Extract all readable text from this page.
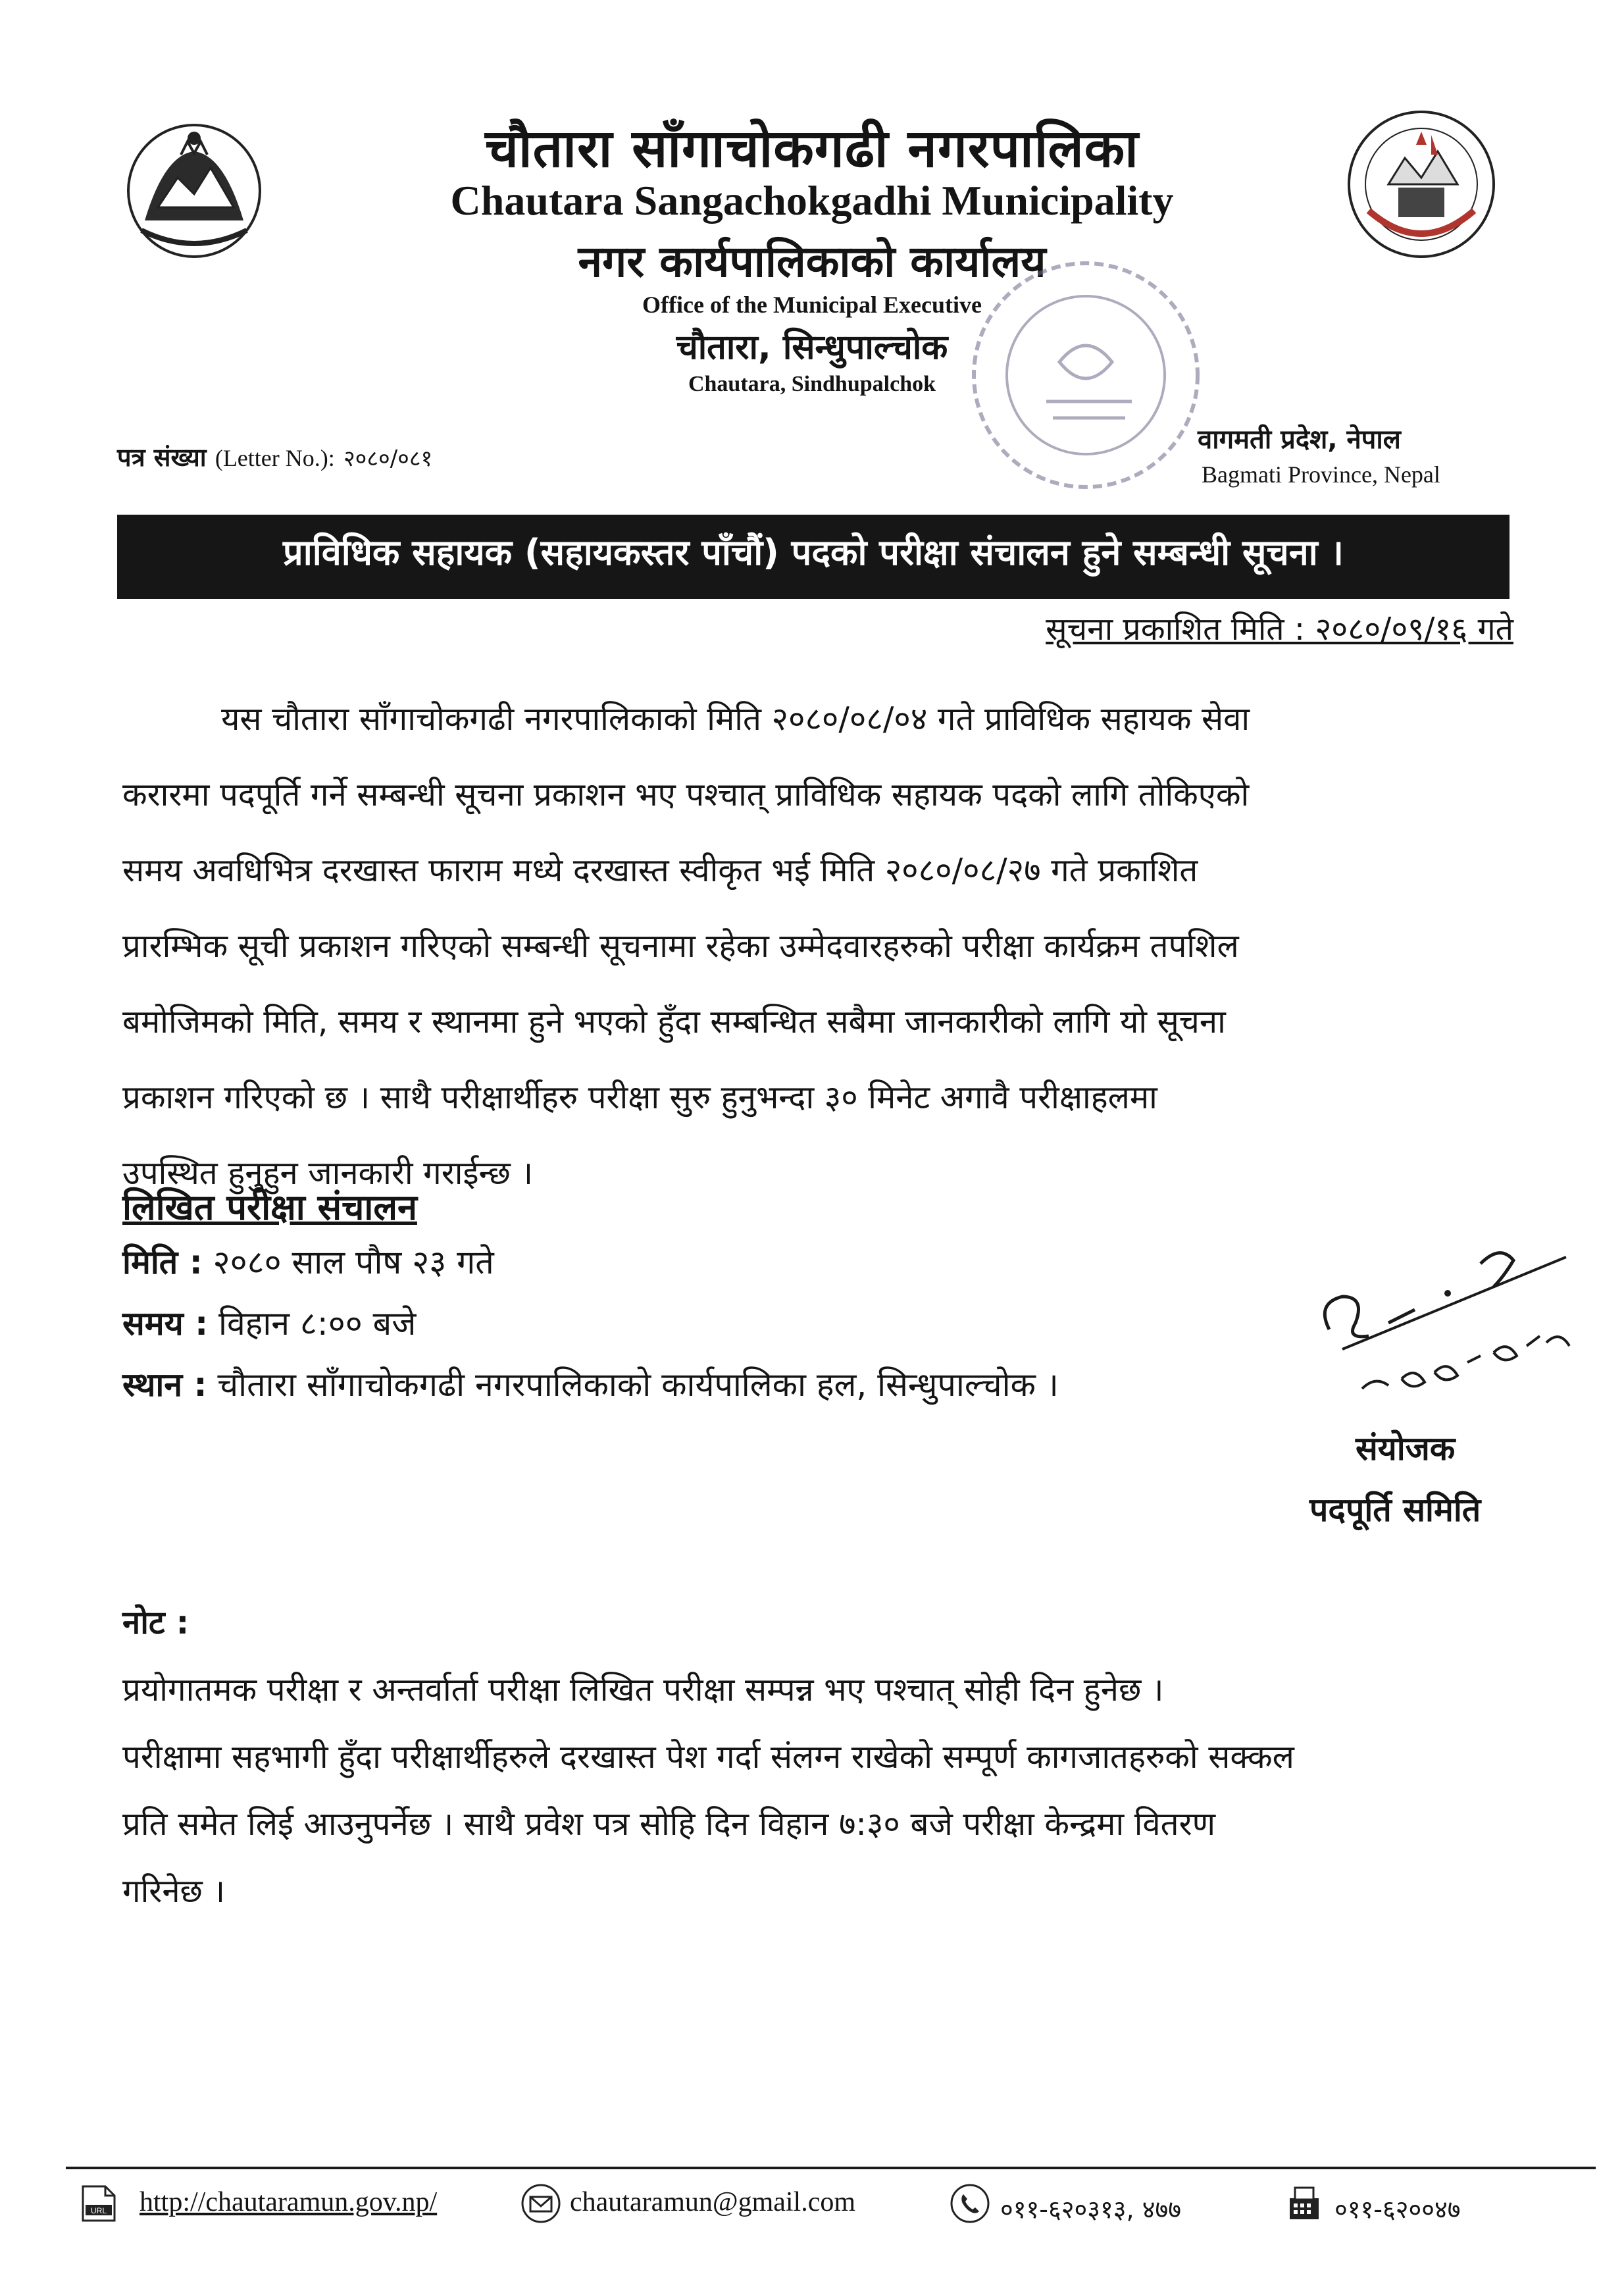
चौतारा साँगाचोकगढी नगरपालिका
Chautara Sangachokgadhi Municipality
नगर कार्यपालिकाको कार्यालय
Office of the Municipal Executive
चौतारा, सिन्धुपाल्चोक
Chautara, Sindhupalchok
पत्र संख्या (Letter No.): २०८०/०८१
वागमती प्रदेश, नेपाल
Bagmati Province, Nepal
प्राविधिक सहायक (सहायकस्तर पाँचौं) पदको परीक्षा संचालन हुने सम्बन्धी सूचना ।
सूचना प्रकाशित मिति : २०८०/०९/१६ गते
यस चौतारा साँगाचोकगढी नगरपालिकाको मिति २०८०/०८/०४ गते प्राविधिक सहायक सेवा
करारमा पदपूर्ति गर्ने सम्बन्धी सूचना प्रकाशन भए पश्चात् प्राविधिक सहायक पदको लागि तोकिएको
समय अवधिभित्र दरखास्त फाराम मध्ये दरखास्त स्वीकृत भई मिति २०८०/०८/२७ गते प्रकाशित
प्रारम्भिक सूची प्रकाशन गरिएको सम्बन्धी सूचनामा रहेका उम्मेदवारहरुको परीक्षा कार्यक्रम तपशिल
बमोजिमको मिति, समय र स्थानमा हुने भएको हुँदा सम्बन्धित सबैमा जानकारीको लागि यो सूचना
प्रकाशन गरिएको छ । साथै परीक्षार्थीहरु परीक्षा सुरु हुनुभन्दा ३० मिनेट अगावै परीक्षाहलमा
उपस्थित हुनुहुन जानकारी गराईन्छ ।
लिखित परीक्षा संचालन
मिति : २०८० साल पौष २३ गते
समय : विहान ८:०० बजे
स्थान : चौतारा साँगाचोकगढी नगरपालिकाको कार्यपालिका हल, सिन्धुपाल्चोक ।
संयोजक
पदपूर्ति समिति
नोट :
प्रयोगातमक परीक्षा र अन्तर्वार्ता परीक्षा लिखित परीक्षा सम्पन्न भए पश्चात् सोही दिन हुनेछ ।
परीक्षामा सहभागी हुँदा परीक्षार्थीहरुले दरखास्त पेश गर्दा संलग्न राखेको सम्पूर्ण कागजातहरुको सक्कल
प्रति समेत लिई आउनुपर्नेछ । साथै प्रवेश पत्र सोहि दिन विहान ७:३० बजे परीक्षा केन्द्रमा वितरण
गरिनेछ ।
URL http://chautaramun.gov.np/	chautaramun@gmail.com	०११-६२०३१३, ४७७	०११-६२००४७
